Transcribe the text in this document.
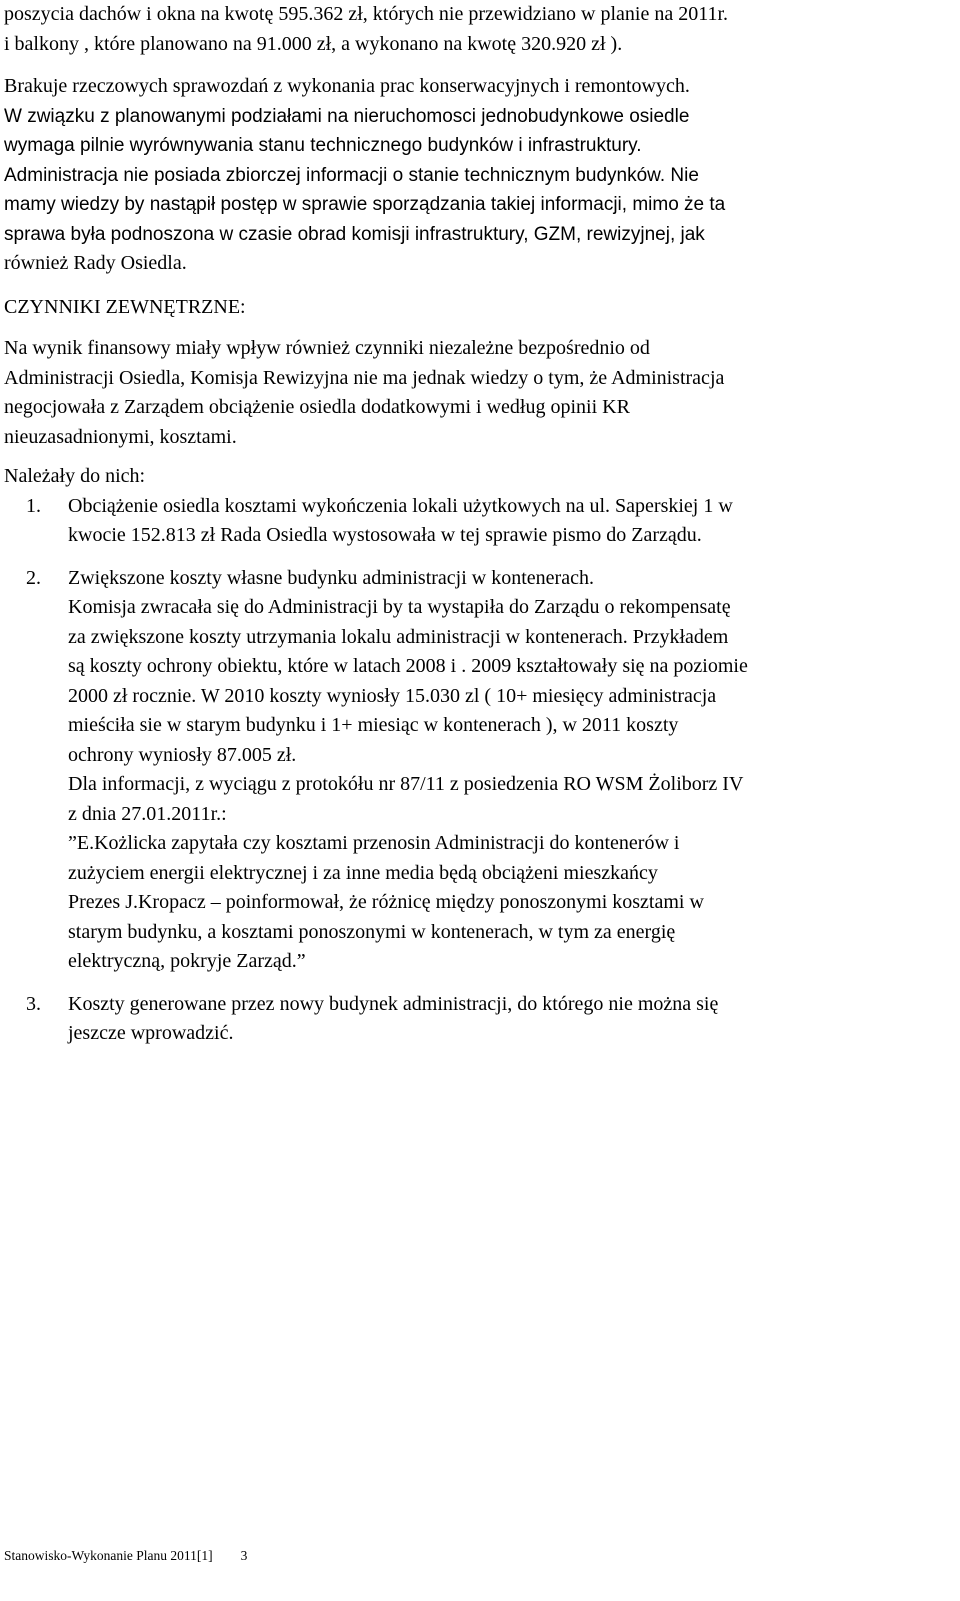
poszycia dachów i okna na kwotę 595.362 zł, których nie przewidziano w planie na 2011r.

i balkony , które planowano na 91.000 zł, a wykonano na kwotę 320.920 zł ).

Brakuje rzeczowych sprawozdań z wykonania prac konserwacyjnych i remontowych.

W związku z planowanymi podziałami na nieruchomosci jednobudynkowe osiedle

wymaga pilnie wyrównywania stanu technicznego budynków i infrastruktury.

Administracja nie posiada zbiorczej informacji o stanie technicznym budynków. Nie

mamy wiedzy by nastąpił postęp w sprawie sporządzania takiej informacji, mimo że ta

sprawa była podnoszona w czasie obrad komisji infrastruktury, GZM, rewizyjnej, jak

również Rady Osiedla.

CZYNNIKI ZEWNĘTRZNE:

Na wynik finansowy miały wpływ również czynniki niezależne bezpośrednio od

Administracji Osiedla, Komisja Rewizyjna nie ma jednak wiedzy o tym, że Administracja

negocjowała z Zarządem obciążenie osiedla dodatkowymi i według opinii KR

nieuzasadnionymi, kosztami.

Należały do nich:

1. Obciążenie osiedla kosztami wykończenia lokali użytkowych na ul. Saperskiej 1 w

kwocie 152.813 zł Rada Osiedla wystosowała w tej sprawie pismo do Zarządu.

2. Zwiększone koszty własne budynku administracji w kontenerach.

Komisja zwracała się do Administracji by ta wystapiła do Zarządu o rekompensatę

za zwiększone koszty utrzymania lokalu administracji w kontenerach. Przykładem

są koszty ochrony obiektu, które w latach 2008 i . 2009 kształtowały się na poziomie

2000 zł rocznie. W 2010 koszty wyniosły 15.030 zl ( 10+ miesięcy administracja

mieściła sie w starym budynku i 1+ miesiąc w kontenerach ), w 2011 koszty

ochrony wyniosły 87.005 zł.

Dla informacji, z wyciągu z protokółu nr 87/11 z posiedzenia RO WSM Żoliborz IV

z dnia 27.01.2011r.:

”E.Kożlicka zapytała czy kosztami przenosin Administracji do kontenerów i

zużyciem energii elektrycznej i za inne media będą obciążeni mieszkańcy

Prezes J.Kropacz – poinformował, że różnicę między ponoszonymi kosztami w

starym budynku, a kosztami ponoszonymi w kontenerach, w tym za energię

elektryczną, pokryje Zarząd.”

3. Koszty generowane przez nowy budynek administracji, do którego nie można się

jeszcze wprowadzić.

Stanowisko-Wykonanie Planu 2011[1] 3
